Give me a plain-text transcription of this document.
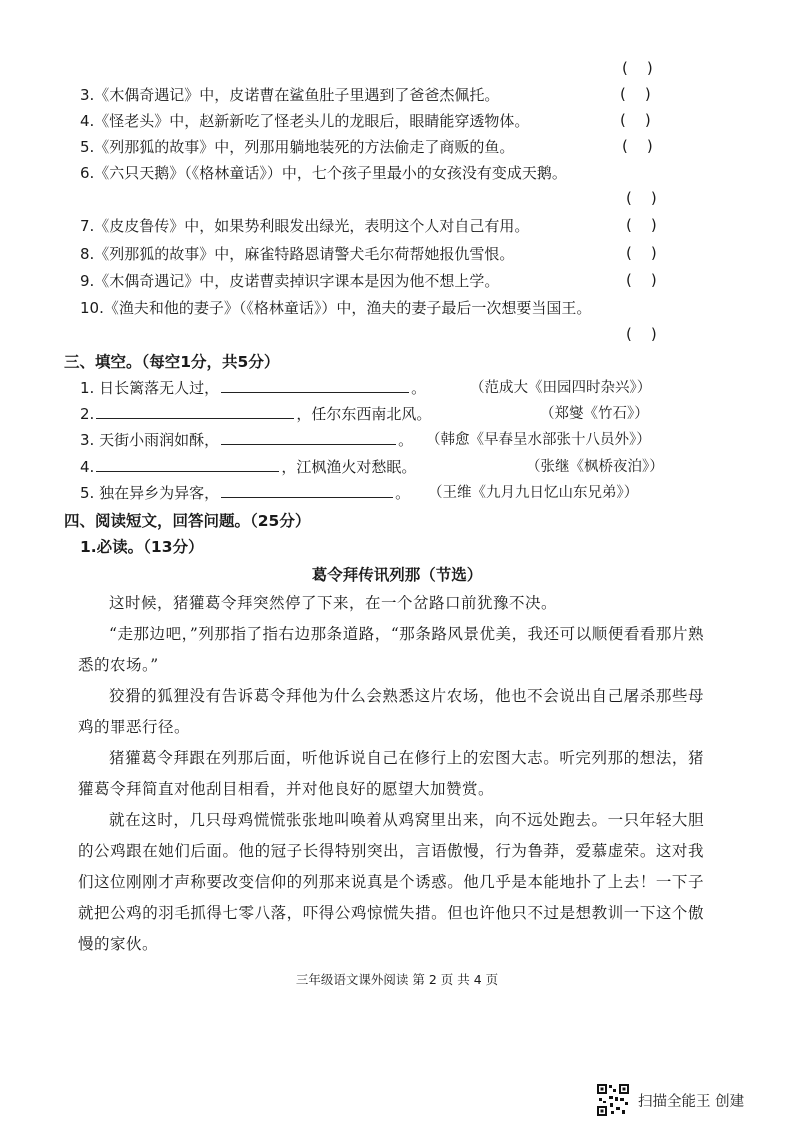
(    )
3.《木偶奇遇记》中，皮诺曹在鲨鱼肚子里遇到了爸爸杰佩托。	(    )
4.《怪老头》中，赵新新吃了怪老头儿的龙眼后，眼睛能穿透物体。	(    )
5.《列那狐的故事》中，列那用躺地装死的方法偷走了商贩的鱼。	(    )
6.《六只天鹅》（《格林童话》）中，七个孩子里最小的女孩没有变成天鹅。
(    )
7.《皮皮鲁传》中，如果势利眼发出绿光，表明这个人对自己有用。	(    )
8.《列那狐的故事》中，麻雀特路恩请警犬毛尔荷帮她报仇雪恨。	(    )
9.《木偶奇遇记》中，皮诺曹卖掉识字课本是因为他不想上学。	(    )
10.《渔夫和他的妻子》（《格林童话》）中，渔夫的妻子最后一次想要当国王。
(    )
三、填空。（每空1分，共5分）
1. 日长篱落无人过，	。	（范成大《田园四时杂兴》）
2.	，任尔东西南北风。	（郑燮《竹石》）
3. 天街小雨润如酥，	。 （韩愈《早春呈水部张十八员外》）
4.	，江枫渔火对愁眠。	（张继《枫桥夜泊》）
5. 独在异乡为异客，	。 （王维《九月九日忆山东兄弟》）
四、阅读短文，回答问题。（25分）
1.必读。（13分）
葛令拜传讯列那（节选）

这时候，猪獾葛令拜突然停了下来，在一个岔路口前犹豫不决。

“走那边吧，”列那指了指右边那条道路，“那条路风景优美，我还可以顺便看看那片熟悉的农场。”

狡猾的狐狸没有告诉葛令拜他为什么会熟悉这片农场，他也不会说出自己屠杀那些母鸡的罪恶行径。

猪獾葛令拜跟在列那后面，听他诉说自己在修行上的宏图大志。听完列那的想法，猪獾葛令拜简直对他刮目相看，并对他良好的愿望大加赞赏。

就在这时，几只母鸡慌慌张张地叫唤着从鸡窝里出来，向不远处跑去。一只年轻大胆的公鸡跟在她们后面。他的冠子长得特别突出，言语傲慢，行为鲁莽，爱慕虚荣。这对我们这位刚刚才声称要改变信仰的列那来说真是个诱惑。他几乎是本能地扑了上去！一下子就把公鸡的羽毛抓得七零八落，吓得公鸡惊慌失措。但也许他只不过是想教训一下这个傲慢的家伙。

三年级语文课外阅读 第 2 页 共 4 页
扫描全能王 创建
